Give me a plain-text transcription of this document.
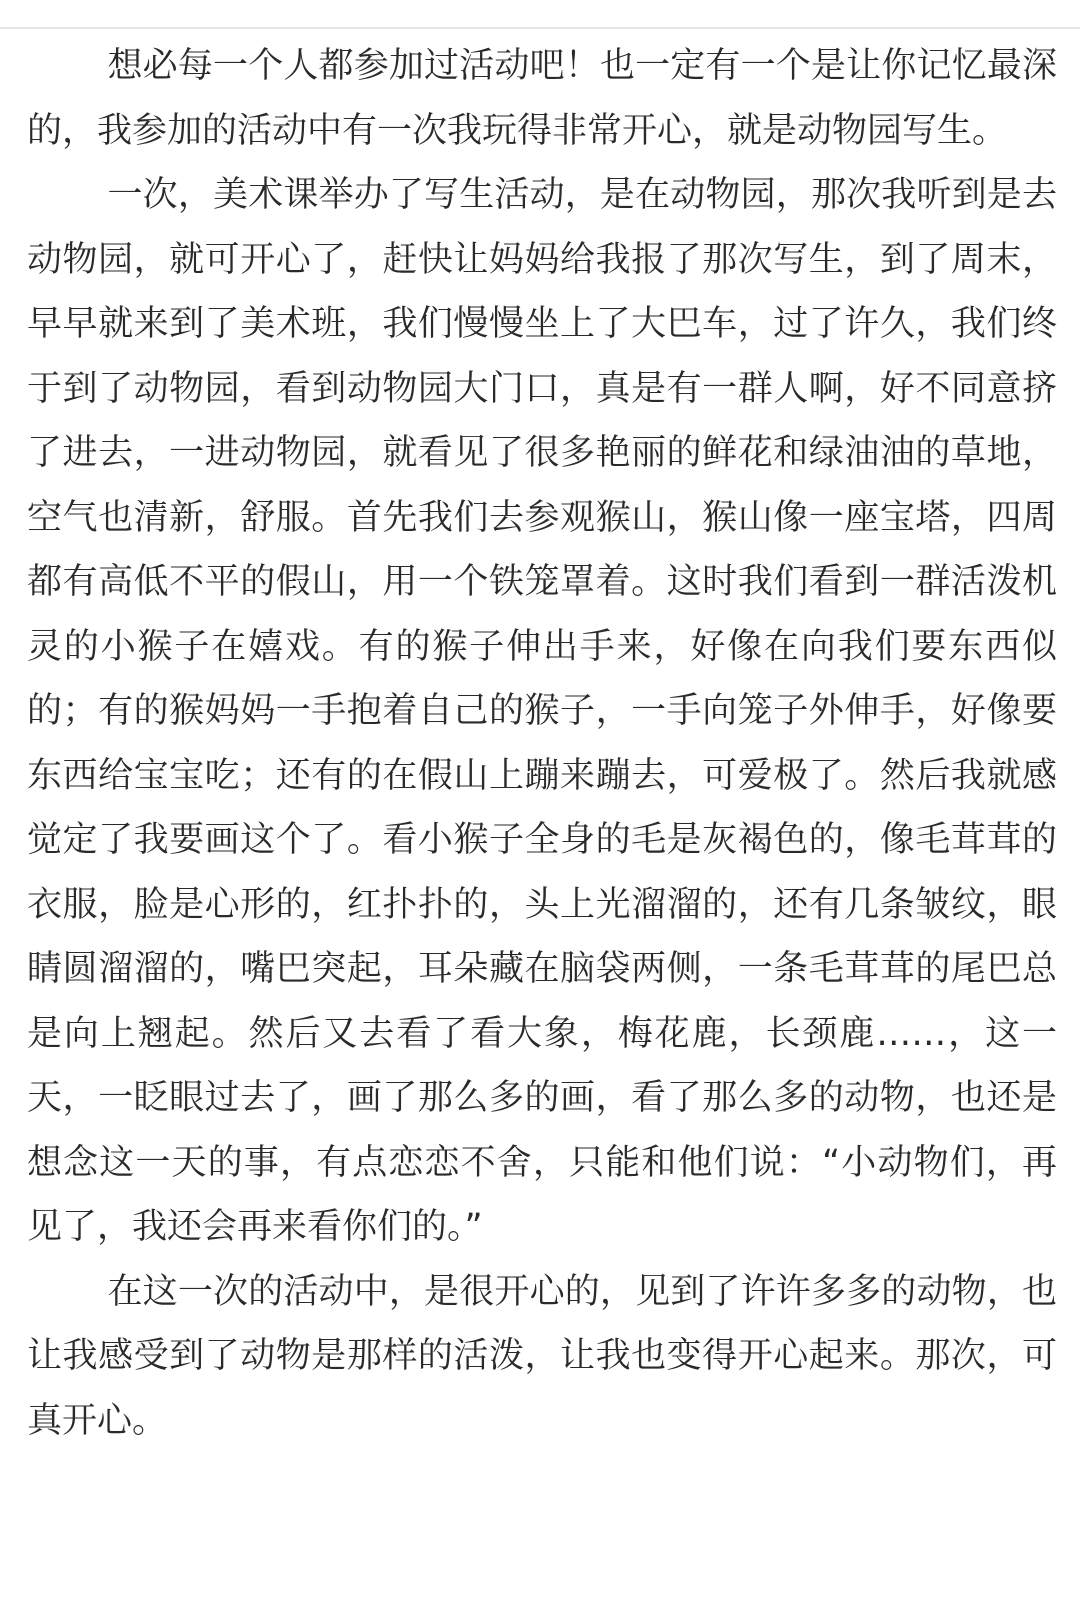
想必每一个人都参加过活动吧！也一定有一个是让你记忆最深的，我参加的活动中有一次我玩得非常开心，就是动物园写生。

一次，美术课举办了写生活动，是在动物园，那次我听到是去动物园，就可开心了，赶快让妈妈给我报了那次写生，到了周末，早早就来到了美术班，我们慢慢坐上了大巴车，过了许久，我们终于到了动物园，看到动物园大门口，真是有一群人啊，好不同意挤了进去，一进动物园，就看见了很多艳丽的鲜花和绿油油的草地，空气也清新，舒服。首先我们去参观猴山，猴山像一座宝塔，四周都有高低不平的假山，用一个铁笼罩着。这时我们看到一群活泼机灵的小猴子在嬉戏。有的猴子伸出手来，好像在向我们要东西似的；有的猴妈妈一手抱着自己的猴子，一手向笼子外伸手，好像要东西给宝宝吃；还有的在假山上蹦来蹦去，可爱极了。然后我就感觉定了我要画这个了。看小猴子全身的毛是灰褐色的，像毛茸茸的衣服，脸是心形的，红扑扑的，头上光溜溜的，还有几条皱纹，眼睛圆溜溜的，嘴巴突起，耳朵藏在脑袋两侧，一条毛茸茸的尾巴总是向上翘起。然后又去看了看大象，梅花鹿，长颈鹿……，这一天，一眨眼过去了，画了那么多的画，看了那么多的动物，也还是想念这一天的事，有点恋恋不舍，只能和他们说：“小动物们，再见了，我还会再来看你们的。”

在这一次的活动中，是很开心的，见到了许许多多的动物，也让我感受到了动物是那样的活泼，让我也变得开心起来。那次，可真开心。
